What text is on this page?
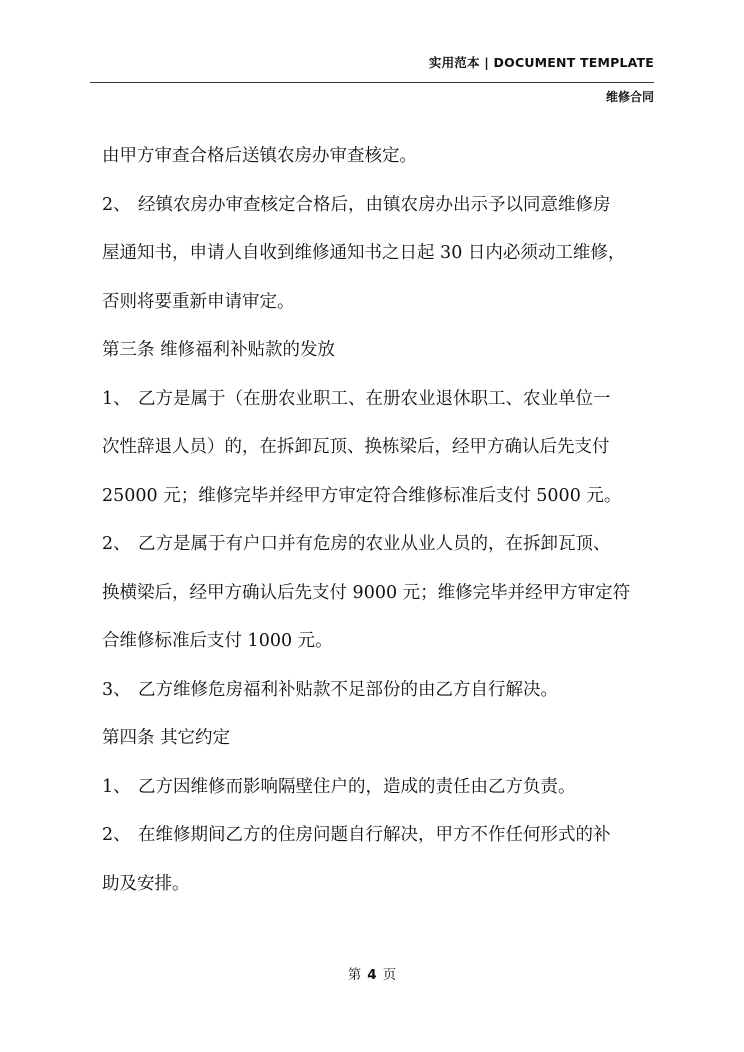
实用范本 | DOCUMENT TEMPLATE
维修合同
由甲方审查合格后送镇农房办审查核定。
2、 经镇农房办审查核定合格后，由镇农房办出示予以同意维修房
屋通知书，申请人自收到维修通知书之日起 30 日内必须动工维修，
否则将要重新申请审定。
第三条 维修福利补贴款的发放
1、 乙方是属于（在册农业职工、在册农业退休职工、农业单位一
次性辞退人员）的，在拆卸瓦顶、换栋梁后，经甲方确认后先支付
25000 元；维修完毕并经甲方审定符合维修标准后支付 5000 元。
2、 乙方是属于有户口并有危房的农业从业人员的，在拆卸瓦顶、
换横梁后，经甲方确认后先支付 9000 元；维修完毕并经甲方审定符
合维修标准后支付 1000 元。
3、 乙方维修危房福利补贴款不足部份的由乙方自行解决。
第四条 其它约定
1、 乙方因维修而影响隔壁住户的，造成的责任由乙方负责。
2、 在维修期间乙方的住房问题自行解决，甲方不作任何形式的补
助及安排。
第 4 页
